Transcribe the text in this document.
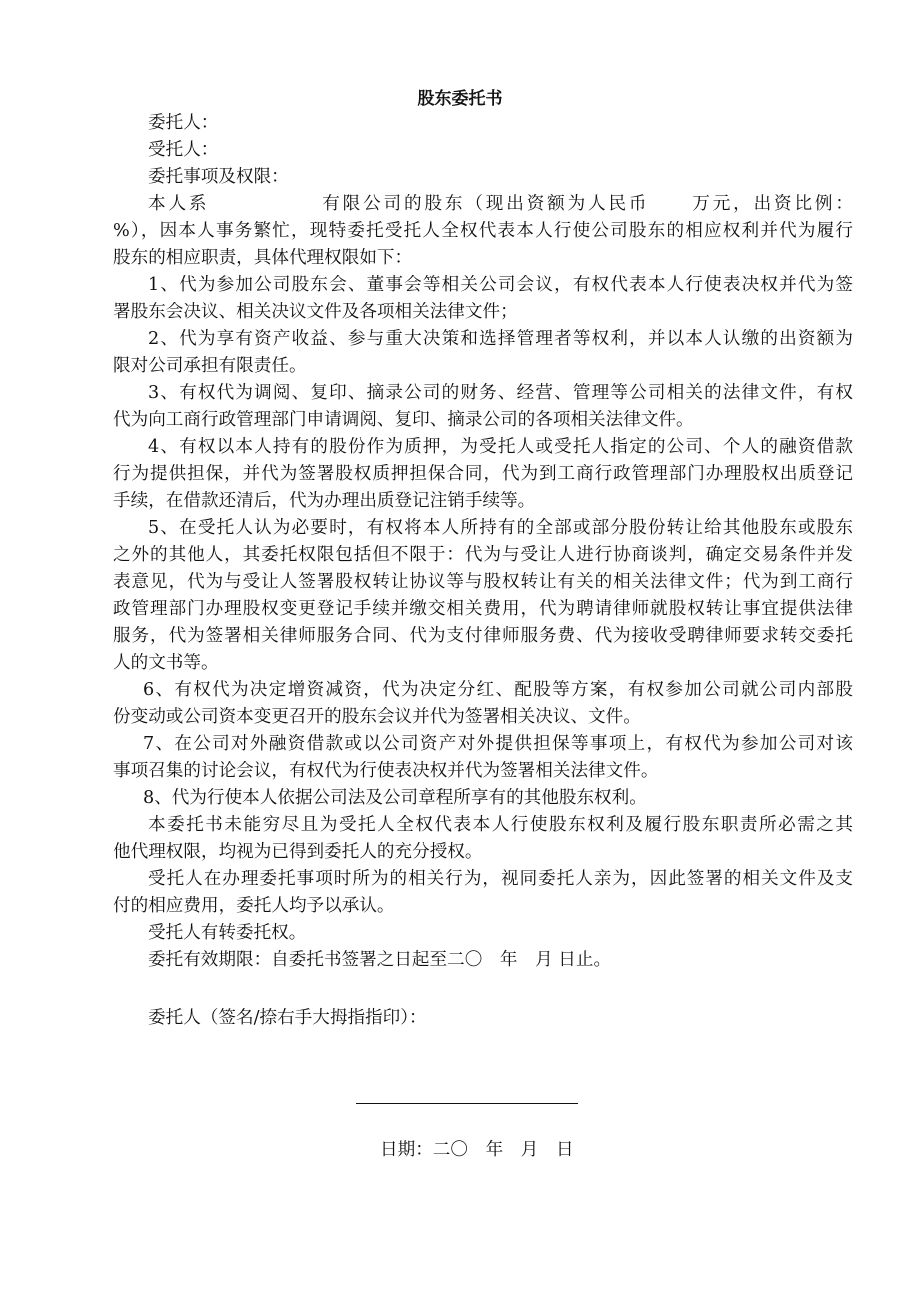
股东委托书
委托人：
受托人：
委托事项及权限：
本人系	有限公司的股东（现出资额为人民币 万元，出资比例：
%），因本人事务繁忙，现特委托受托人全权代表本人行使公司股东的相应权利并代为履行
股东的相应职责，具体代理权限如下：
1、代为参加公司股东会、董事会等相关公司会议，有权代表本人行使表决权并代为签
署股东会决议、相关决议文件及各项相关法律文件；
2、代为享有资产收益、参与重大决策和选择管理者等权利，并以本人认缴的出资额为
限对公司承担有限责任。
3、有权代为调阅、复印、摘录公司的财务、经营、管理等公司相关的法律文件，有权
代为向工商行政管理部门申请调阅、复印、摘录公司的各项相关法律文件。
4、有权以本人持有的股份作为质押，为受托人或受托人指定的公司、个人的融资借款
行为提供担保，并代为签署股权质押担保合同，代为到工商行政管理部门办理股权出质登记
手续，在借款还清后，代为办理出质登记注销手续等。
5、在受托人认为必要时，有权将本人所持有的全部或部分股份转让给其他股东或股东
之外的其他人，其委托权限包括但不限于：代为与受让人进行协商谈判，确定交易条件并发
表意见，代为与受让人签署股权转让协议等与股权转让有关的相关法律文件；代为到工商行
政管理部门办理股权变更登记手续并缴交相关费用，代为聘请律师就股权转让事宜提供法律
服务，代为签署相关律师服务合同、代为支付律师服务费、代为接收受聘律师要求转交委托
人的文书等。
6、有权代为决定增资减资，代为决定分红、配股等方案，有权参加公司就公司内部股
份变动或公司资本变更召开的股东会议并代为签署相关决议、文件。
7、在公司对外融资借款或以公司资产对外提供担保等事项上，有权代为参加公司对该
事项召集的讨论会议，有权代为行使表决权并代为签署相关法律文件。
8、代为行使本人依据公司法及公司章程所享有的其他股东权利。
本委托书未能穷尽且为受托人全权代表本人行使股东权利及履行股东职责所必需之其
他代理权限，均视为已得到委托人的充分授权。
受托人在办理委托事项时所为的相关行为，视同委托人亲为，因此签署的相关文件及支
付的相应费用，委托人均予以承认。
受托人有转委托权。
委托有效期限：自委托书签署之日起至二〇　年　月 日止。
委托人（签名/捺右手大拇指指印）：
日期：二〇　年　月　日
